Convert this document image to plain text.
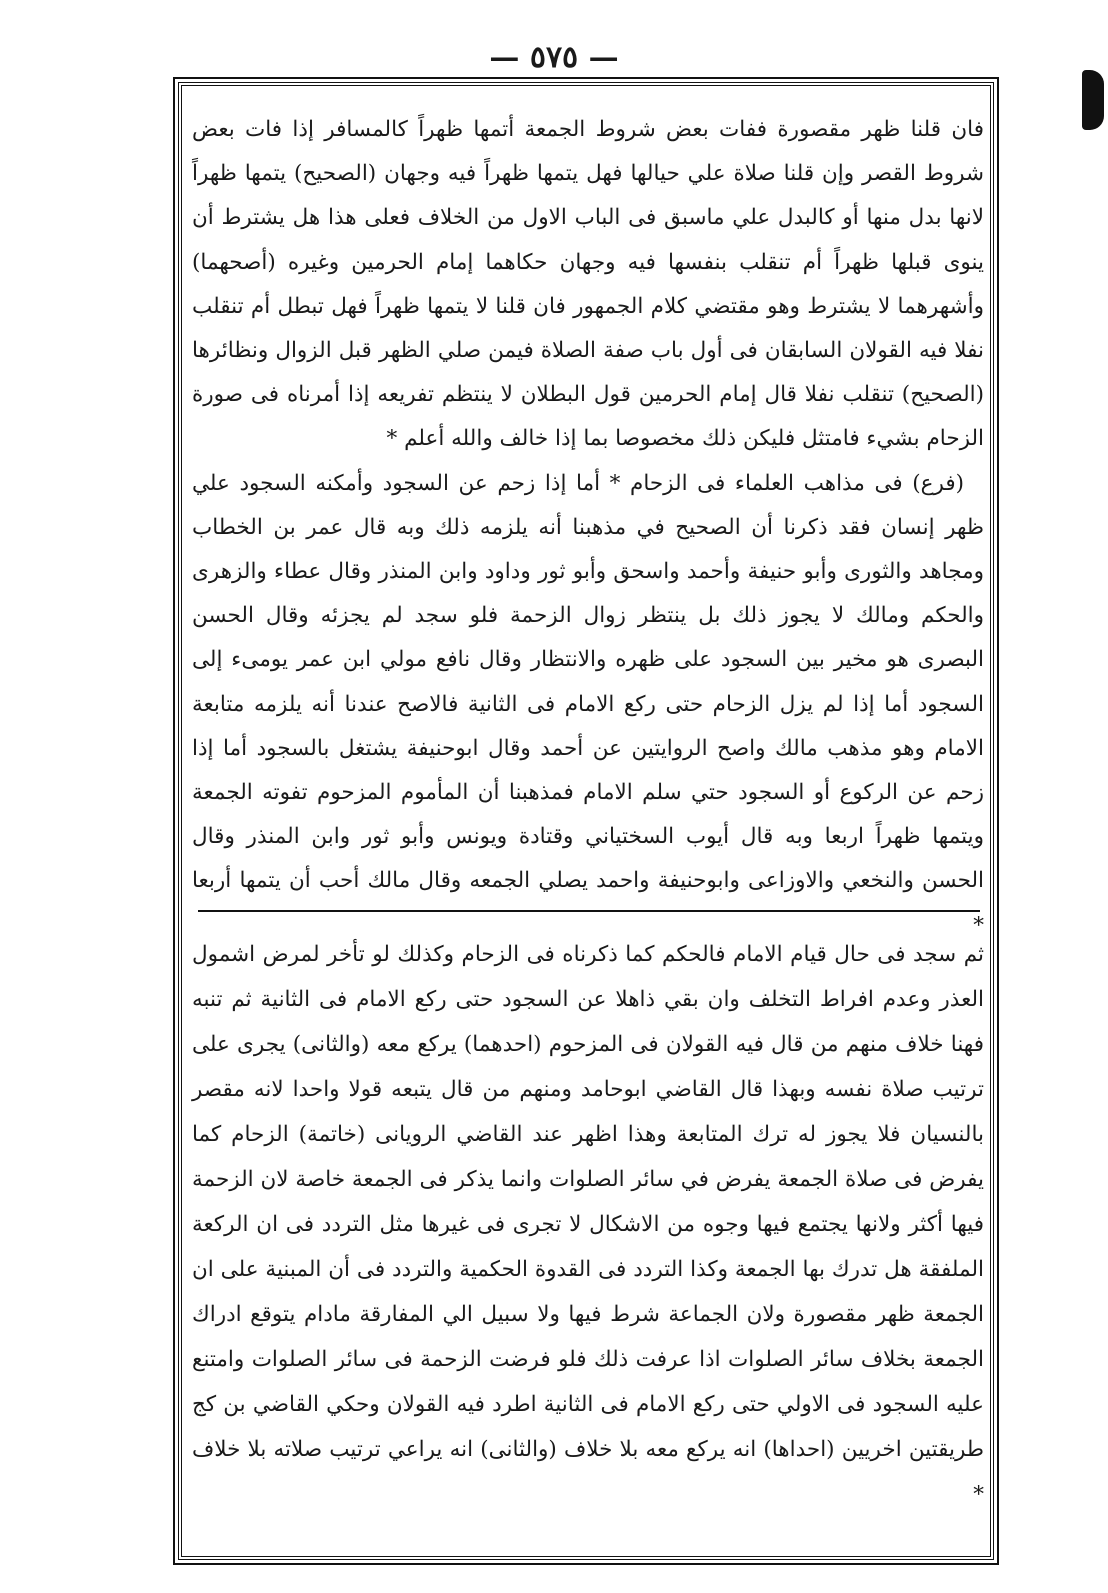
— ٥٧٥ —

فان قلنا ظهر مقصورة ففات بعض شروط الجمعة أتمها ظهراً كالمسافر إذا فات بعض شروط القصر وإن قلنا صلاة علي حيالها فهل يتمها ظهراً فيه وجهان (الصحيح) يتمها ظهراً لانها بدل منها أو كالبدل علي ماسبق فى الباب الاول من الخلاف فعلى هذا هل يشترط أن ينوى قبلها ظهراً أم تنقلب بنفسها فيه وجهان حكاهما إمام الحرمين وغيره (أصحهما) وأشهرهما لا يشترط وهو مقتضي كلام الجمهور فان قلنا لا يتمها ظهراً فهل تبطل أم تنقلب نفلا فيه القولان السابقان فى أول باب صفة الصلاة فيمن صلي الظهر قبل الزوال ونظائرها (الصحيح) تنقلب نفلا قال إمام الحرمين قول البطلان لا ينتظم تفريعه إذا أمرناه فى صورة الزحام بشيء فامتثل فليكن ذلك مخصوصا بما إذا خالف والله أعلم *

(فرع) فى مذاهب العلماء فى الزحام * أما إذا زحم عن السجود وأمكنه السجود علي ظهر إنسان فقد ذكرنا أن الصحيح في مذهبنا أنه يلزمه ذلك وبه قال عمر بن الخطاب ومجاهد والثورى وأبو حنيفة وأحمد واسحق وأبو ثور وداود وابن المنذر وقال عطاء والزهرى والحكم ومالك لا يجوز ذلك بل ينتظر زوال الزحمة فلو سجد لم يجزئه وقال الحسن البصرى هو مخير بين السجود على ظهره والانتظار وقال نافع مولي ابن عمر يومىء إلى السجود أما إذا لم يزل الزحام حتى ركع الامام فى الثانية فالاصح عندنا أنه يلزمه متابعة الامام وهو مذهب مالك واصح الروايتين عن أحمد وقال ابوحنيفة يشتغل بالسجود أما إذا زحم عن الركوع أو السجود حتي سلم الامام فمذهبنا أن المأموم المزحوم تفوته الجمعة ويتمها ظهراً اربعا وبه قال أيوب السختياني وقتادة ويونس وأبو ثور وابن المنذر وقال الحسن والنخعي والاوزاعى وابوحنيفة واحمد يصلي الجمعه وقال مالك أحب أن يتمها أربعا *

ثم سجد فى حال قيام الامام فالحكم كما ذكرناه فى الزحام وكذلك لو تأخر لمرض اشمول العذر وعدم افراط التخلف وان بقي ذاهلا عن السجود حتى ركع الامام فى الثانية ثم تنبه فهنا خلاف منهم من قال فيه القولان فى المزحوم (احدهما) يركع معه (والثانى) يجرى على ترتيب صلاة نفسه وبهذا قال القاضي ابوحامد ومنهم من قال يتبعه قولا واحدا لانه مقصر بالنسيان فلا يجوز له ترك المتابعة وهذا اظهر عند القاضي الرويانى (خاتمة) الزحام كما يفرض فى صلاة الجمعة يفرض في سائر الصلوات وانما يذكر فى الجمعة خاصة لان الزحمة فيها أكثر ولانها يجتمع فيها وجوه من الاشكال لا تجرى فى غيرها مثل التردد فى ان الركعة الملفقة هل تدرك بها الجمعة وكذا التردد فى القدوة الحكمية والتردد فى أن المبنية على ان الجمعة ظهر مقصورة ولان الجماعة شرط فيها ولا سبيل الي المفارقة مادام يتوقع ادراك الجمعة بخلاف سائر الصلوات اذا عرفت ذلك فلو فرضت الزحمة فى سائر الصلوات وامتنع عليه السجود فى الاولي حتى ركع الامام فى الثانية اطرد فيه القولان وحكي القاضي بن كج طريقتين اخريين (احداها) انه يركع معه بلا خلاف (والثانى) انه يراعي ترتيب صلاته بلا خلاف *
